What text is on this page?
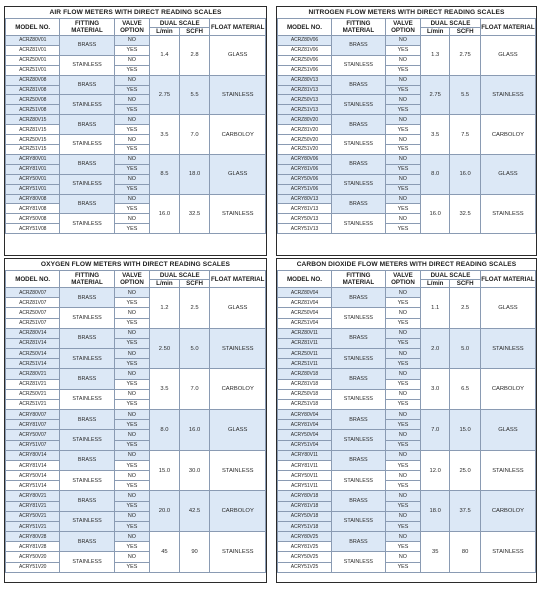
AIR FLOW METERS WITH DIRECT READING SCALES
MODEL NO.	FITTING MATERIAL	VALVE OPTION	DUAL SCALE		FLOAT MATERIAL
			L/min	SCFH	
ACRZ80V01	BRASS	NO	1.4	2.8	GLASS
ACRZ81V01		YES			
ACRZ50V01	STAINLESS	NO			
ACRZ51V01		YES			
ACRZ80V08	BRASS	NO	2.75	5.5	STAINLESS
ACRZ81V08		YES			
ACRZ50V08	STAINLESS	NO			
ACRZ51V08		YES			
ACRZ80V15	BRASS	NO	3.5	7.0	CARBOLOY
ACRZ81V15		YES			
ACRZ50V15	STAINLESS	NO			
ACRZ51V15		YES			
ACRY80V01	BRASS	NO	8.5	18.0	GLASS
ACRY81V01		YES			
ACRY50V01	STAINLESS	NO			
ACRY51V01		YES			
ACRY80V08	BRASS	NO	16.0	32.5	STAINLESS
ACRY81V08		YES			
ACRY50V08	STAINLESS	NO			
ACRY51V08		YES			
NITROGEN FLOW METERS WITH DIRECT READING SCALES
MODEL NO.	FITTING MATERIAL	VALVE OPTION	DUAL SCALE		FLOAT MATERIAL
			L/min	SCFH	
ACRZ80V06	BRASS	NO	1.3	2.75	GLASS
ACRZ81V06		YES			
ACRZ50V06	STAINLESS	NO			
ACRZ51V06		YES			
ACRZ80V13	BRASS	NO	2.75	5.5	STAINLESS
ACRZ81V13		YES			
ACRZ50V13	STAINLESS	NO			
ACRZ51V13		YES			
ACRZ80V20	BRASS	NO	3.5	7.5	CARBOLOY
ACRZ81V20		YES			
ACRZ50V20	STAINLESS	NO			
ACRZ51V20		YES			
ACRY80V06	BRASS	NO	8.0	16.0	GLASS
ACRY81V06		YES			
ACRY50V06	STAINLESS	NO			
ACRY51V06		YES			
ACRY80V13	BRASS	NO	16.0	32.5	STAINLESS
ACRY81V13		YES			
ACRY50V13	STAINLESS	NO			
ACRY51V13		YES			
OXYGEN FLOW METERS WITH DIRECT READING SCALES
MODEL NO.	FITTING MATERIAL	VALVE OPTION	DUAL SCALE		FLOAT MATERIAL
			L/min	SCFH	
ACRZ80V07	BRASS	NO	1.2	2.5	GLASS
ACRZ81V07		YES			
ACRZ50V07	STAINLESS	NO			
ACRZ51V07		YES			
ACRZ80V14	BRASS	NO	2.50	5.0	STAINLESS
ACRZ81V14		YES			
ACRZ50V14	STAINLESS	NO			
ACRZ51V14		YES			
ACRZ80V21	BRASS	NO	3.5	7.0	CARBOLOY
ACRZ81V21		YES			
ACRZ50V21	STAINLESS	NO			
ACRZ51V21		YES			
ACRY80V07	BRASS	NO	8.0	16.0	GLASS
ACRY81V07		YES			
ACRY50V07	STAINLESS	NO			
ACRY51V07		YES			
ACRY80V14	BRASS	NO	15.0	30.0	STAINLESS
ACRY81V14		YES			
ACRY50V14	STAINLESS	NO			
ACRY51V14		YES			
ACRY80V21	BRASS	NO	20.0	42.5	CARBOLOY
ACRY81V21		YES			
ACRY50V21	STAINLESS	NO			
ACRY51V21		YES			
ACRY80V28	BRASS	NO	45	90	STAINLESS
ACRY81V28		YES			
ACRY50V20	STAINLESS	NO			
ACRY51V20		YES			
CARBON DIOXIDE FLOW METERS WITH DIRECT READING SCALES
MODEL NO.	FITTING MATERIAL	VALVE OPTION	DUAL SCALE		FLOAT MATERIAL
			L/min	SCFH	
ACRZ80V04	BRASS	NO	1.1	2.5	GLASS
ACRZ81V04		YES			
ACRZ50V04	STAINLESS	NO			
ACRZ51V04		YES			
ACRZ80V11	BRASS	NO	2.0	5.0	STAINLESS
ACRZ81V11		YES			
ACRZ50V11	STAINLESS	NO			
ACRZ51V11		YES			
ACRZ80V18	BRASS	NO	3.0	6.5	CARBOLOY
ACRZ81V18		YES			
ACRZ50V18	STAINLESS	NO			
ACRZ51V18		YES			
ACRY80V04	BRASS	NO	7.0	15.0	GLASS
ACRY81V04		YES			
ACRY50V04	STAINLESS	NO			
ACRY51V04		YES			
ACRY80V11	BRASS	NO	12.0	25.0	STAINLESS
ACRY81V11		YES			
ACRY50V11	STAINLESS	NO			
ACRY51V11		YES			
ACRY80V18	BRASS	NO	18.0	37.5	CARBOLOY
ACRY81V18		YES			
ACRY50V18	STAINLESS	NO			
ACRY51V18		YES			
ACRY80V25	BRASS	NO	35	80	STAINLESS
ACRY81V25		YES			
ACRY50V25	STAINLESS	NO			
ACRY51V25		YES			
